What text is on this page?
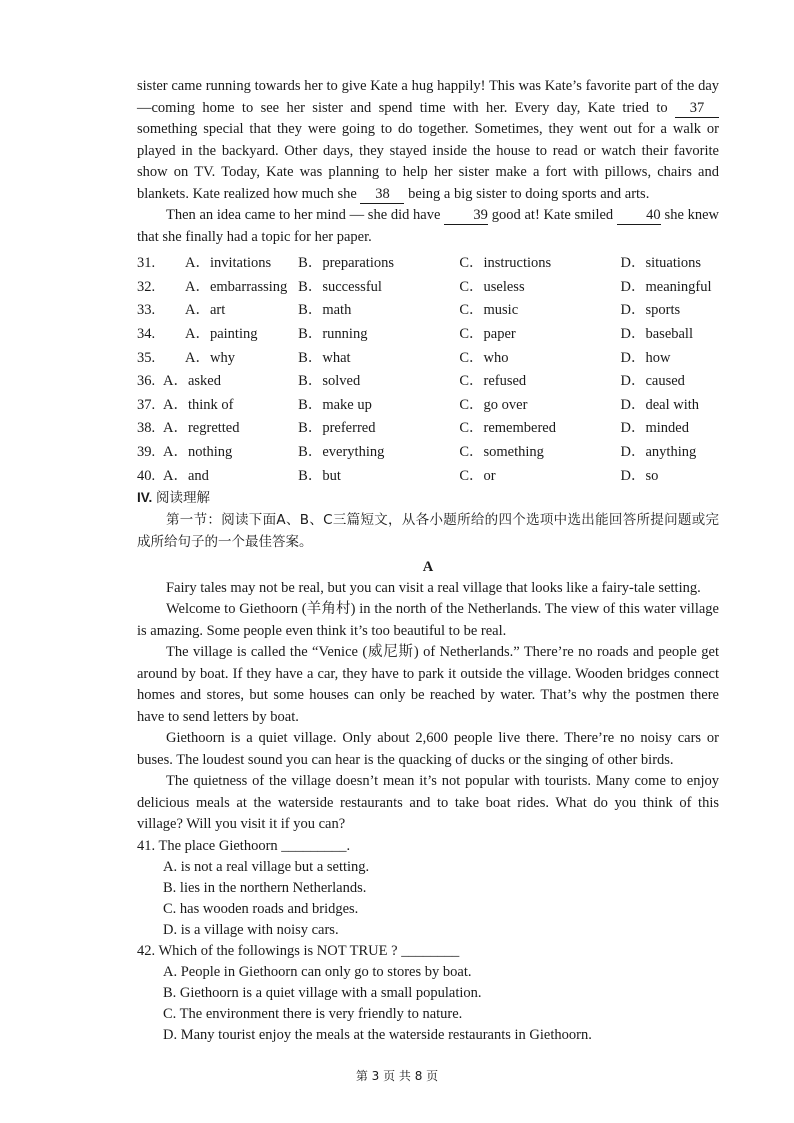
sister came running towards her to give Kate a hug happily! This was Kate’s favorite part of the day —coming home to see her sister and spend time with her. Every day, Kate tried to 37 something special that they were going to do together. Sometimes, they went out for a walk or played in the backyard. Other days, they stayed inside the house to read or watch their favorite show on TV. Today, Kate was planning to help her sister make a fort with pillows, chairs and blankets. Kate realized how much she 38 being a big sister to doing sports and arts.

Then an idea came to her mind — she did have 39 good at! Kate smiled 40 she knew that she finally had a topic for her paper.

31. A．invitations	B．preparations	C．instructions	D．situations
32. A．embarrassing B．successful	C．useless	D．meaningful
33. A．art	B．math	C．music	D．sports
34. A．painting	B．running	C．paper	D．baseball
35. A．why	B．what	C．who	D．how
36. A．asked	B．solved	C．refused	D．caused
37. A．think of	B．make up	C．go over	D．deal with
38. A．regretted	B．preferred	C．remembered	D．minded
39. A．nothing	B．everything	C．something	D．anything
40. A．and	B．but	C．or	D．so
IV. 阅读理解

第一节：阅读下面A、B、C三篇短文，从各小题所给的四个选项中选出能回答所提问题或完成所给句子的一个最佳答案。

A

Fairy tales may not be real, but you can visit a real village that looks like a fairy-tale setting.

Welcome to Giethoorn (羊角村) in the north of the Netherlands. The view of this water village is amazing. Some people even think it’s too beautiful to be real.

The village is called the “Venice (威尼斯) of Netherlands.” There’re no roads and people get around by boat. If they have a car, they have to park it outside the village. Wooden bridges connect homes and stores, but some houses can only be reached by water. That’s why the postmen there have to send letters by boat.

Giethoorn is a quiet village. Only about 2,600 people live there. There’re no noisy cars or buses. The loudest sound you can hear is the quacking of ducks or the singing of other birds.

The quietness of the village doesn’t mean it’s not popular with tourists. Many come to enjoy delicious meals at the waterside restaurants and to take boat rides. What do you think of this village? Will you visit it if you can?

41. The place Giethoorn _________.

A. is not a real village but a setting.

B. lies in the northern Netherlands.

C. has wooden roads and bridges.

D. is a village with noisy cars.

42. Which of the followings is NOT TRUE ? ________

A. People in Giethoorn can only go to stores by boat.

B. Giethoorn is a quiet village with a small population.

C. The environment there is very friendly to nature.

D. Many tourist enjoy the meals at the waterside restaurants in Giethoorn.

第 3 页 共 8 页
